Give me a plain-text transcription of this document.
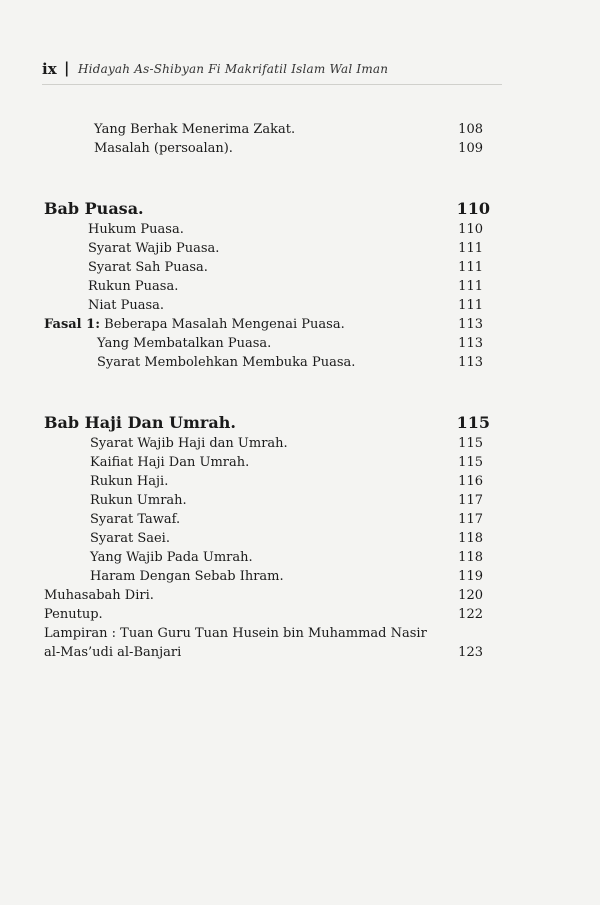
ix | Hidayah As-Shibyan Fi Makrifatil Islam Wal Iman
Yang Berhak Menerima Zakat.	108
Masalah (persoalan).	109
Bab Puasa.	110
Hukum Puasa.	110
Syarat Wajib Puasa.	111
Syarat Sah Puasa.	111
Rukun Puasa.	111
Niat Puasa.	111
Fasal 1: Beberapa Masalah Mengenai Puasa.	113
Yang Membatalkan Puasa.	113
Syarat Membolehkan Membuka Puasa.	113
Bab Haji Dan Umrah.	115
Syarat Wajib Haji dan Umrah.	115
Kaifiat Haji Dan Umrah.	115
Rukun Haji.	116
Rukun Umrah.	117
Syarat Tawaf.	117
Syarat Saei.	118
Yang Wajib Pada Umrah.	118
Haram Dengan Sebab Ihram.	119
Muhasabah Diri.	120
Penutup.	122
Lampiran : Tuan Guru Tuan Husein bin Muhammad Nasir
al-Mas’udi al-Banjari	123
